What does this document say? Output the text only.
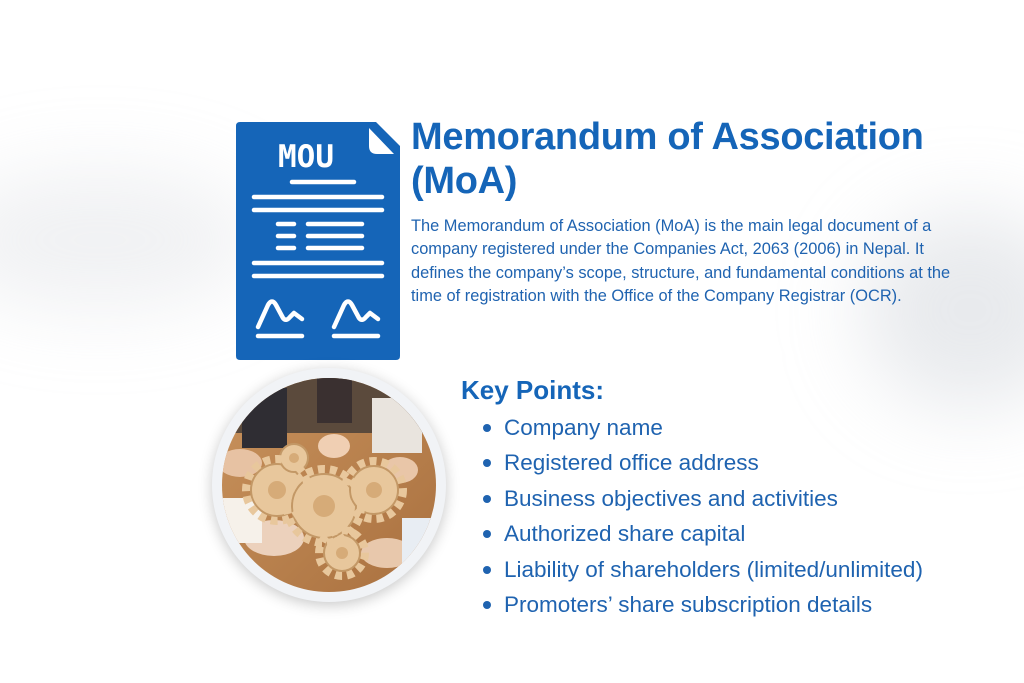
MOU Memorandum of Association (MoA)

The Memorandum of Association (MoA) is the main legal document of a company registered under the Companies Act, 2063 (2006) in Nepal. It defines the company’s scope, structure, and fundamental conditions at the time of registration with the Office of the Company Registrar (OCR).

Key Points:
Company name
Registered office address
Business objectives and activities
Authorized share capital
Liability of shareholders (limited/unlimited)
Promoters’ share subscription details
